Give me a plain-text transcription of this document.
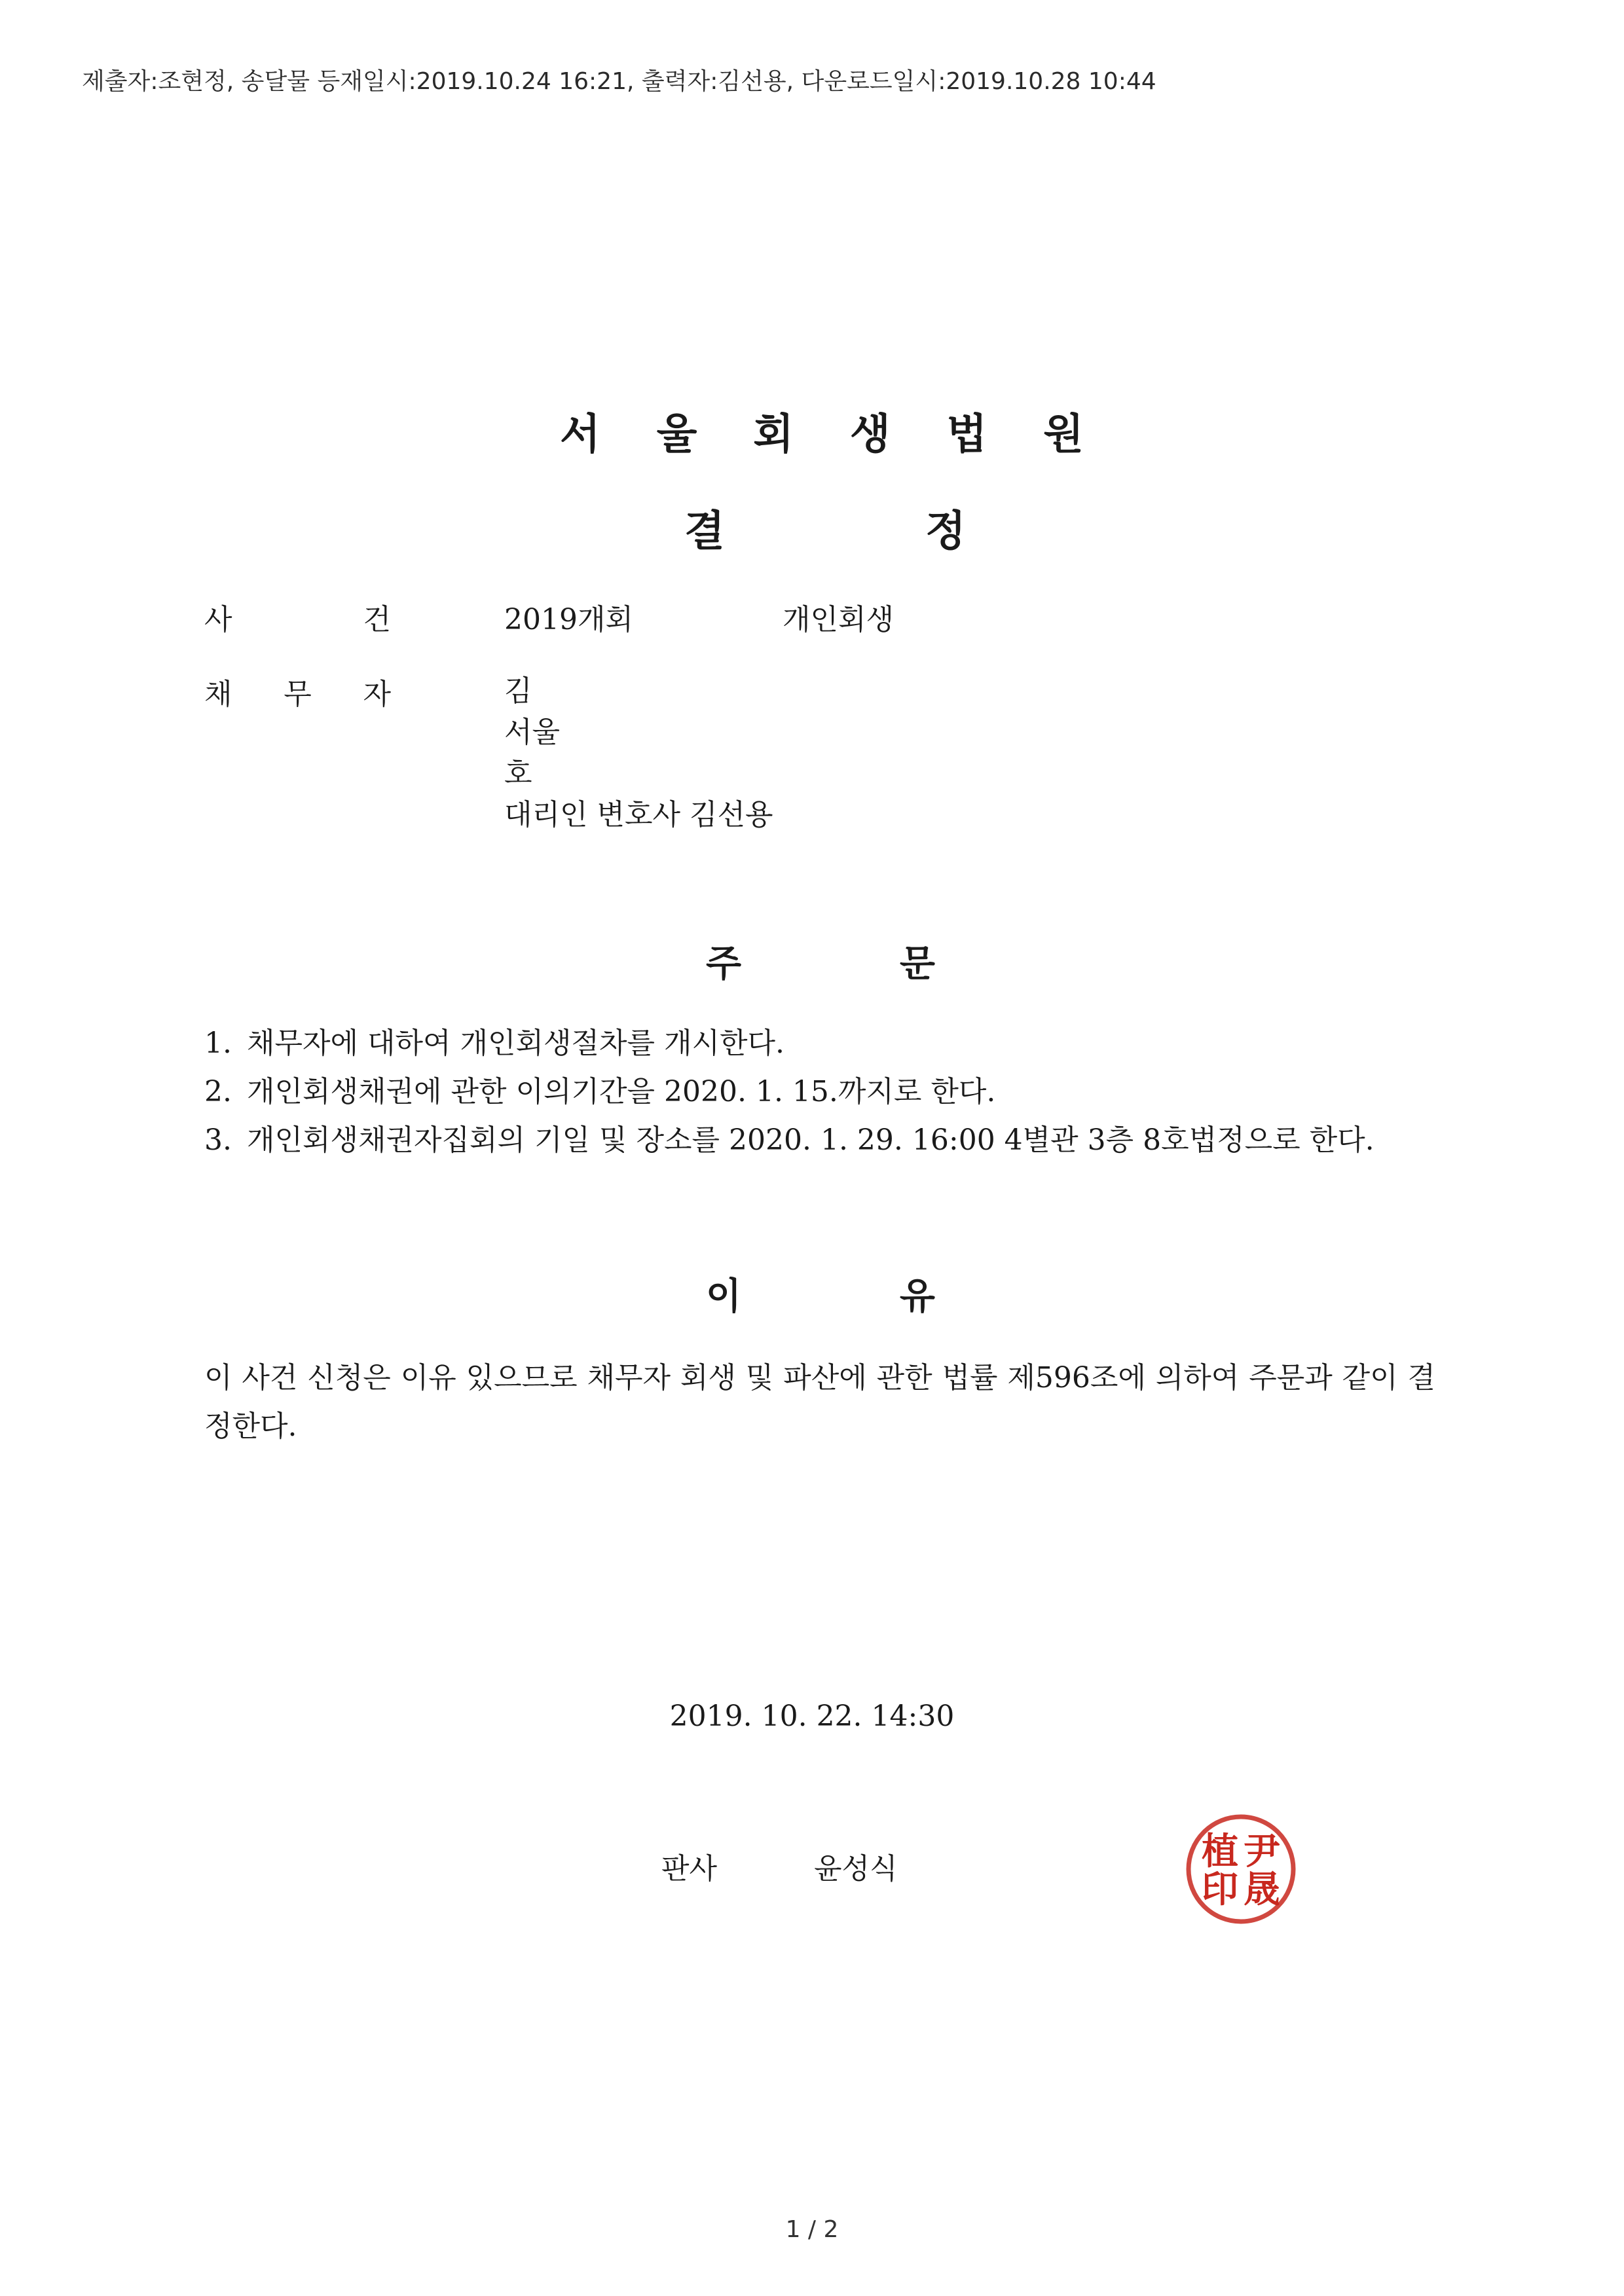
제출자:조현정, 송달물 등재일시:2019.10.24 16:21, 출력자:김선용, 다운로드일시:2019.10.28 10:44
서 울 회 생 법 원
결	정
사	건	2019개회	개인회생
채 무 자	김
서울
호
대리인 변호사 김선용
주	문
1. 채무자에 대하여 개인회생절차를 개시한다.
2. 개인회생채권에 관한 이의기간을 2020. 1. 15.까지로 한다.
3. 개인회생채권자집회의 기일 및 장소를 2020. 1. 29. 16:00 4별관 3층 8호법정으로 한다.
이	유
이 사건 신청은 이유 있으므로 채무자 회생 및 파산에 관한 법률 제596조에 의하여 주문과 같이 결정한다.
2019. 10. 22. 14:30
판사	윤성식	植 尹
印 晟
1 / 2
